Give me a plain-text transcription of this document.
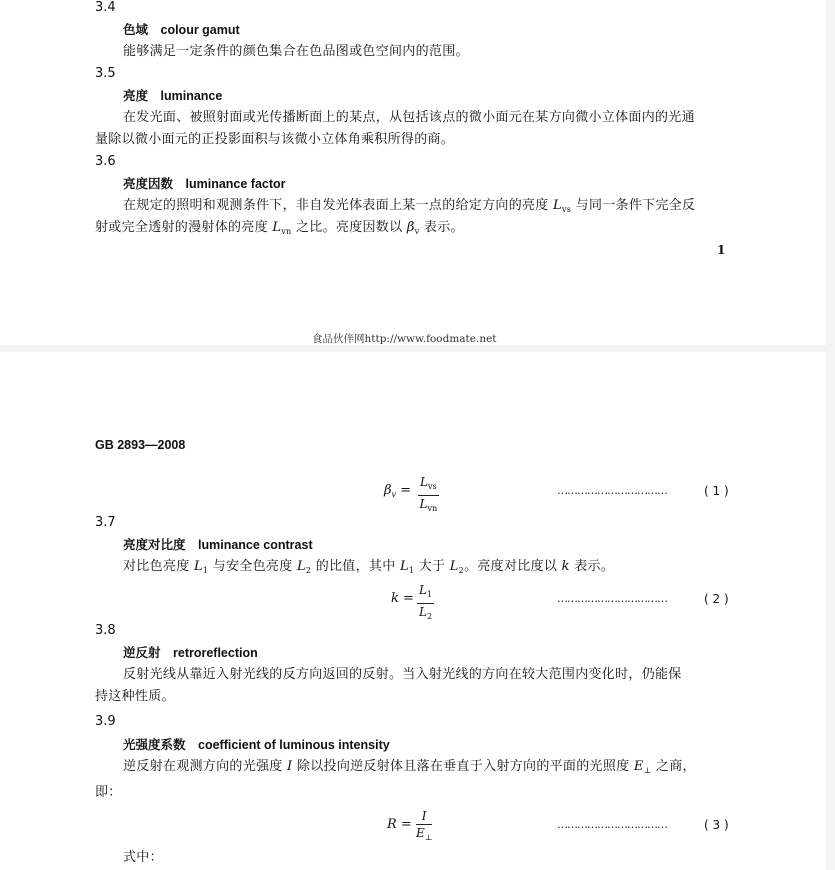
3.4
色域　colour gamut
能够满足一定条件的颜色集合在色品图或色空间内的范围。
3.5
亮度　luminance
在发光面、被照射面或光传播断面上的某点，从包括该点的微小面元在某方向微小立体面内的光通
量除以微小面元的正投影面积与该微小立体角乘积所得的商。
3.6
亮度因数　luminance factor
在规定的照明和观测条件下，非自发光体表面上某一点的给定方向的亮度 $L_{vs}$ 与同一条件下完全反
射或完全透射的漫射体的亮度 $L_{vn}$ 之比。亮度因数以 $\beta_v$ 表示。
1
食品伙伴网http://www.foodmate.net
GB 2893—2008
$\beta_v$ =
$L_{vs}$
$L_{vn}$
……………………………	( 1 )
3.7
亮度对比度　luminance contrast
对比色亮度 $L_1$ 与安全色亮度 $L_2$ 的比值，其中 $L_1$ 大于 $L_2$。亮度对比度以 k 表示。
$k = \frac{L_1}{L_2}$	……………………………	( 2 )
3.8
逆反射　retroreflection
反射光线从靠近入射光线的反方向返回的反射。当入射光线的方向在较大范围内变化时，仍能保
持这种性质。
3.9
光强度系数　coefficient of luminous intensity
逆反射在观测方向的光强度 I 除以投向逆反射体且落在垂直于入射方向的平面的光照度 $E_\perp$ 之商，
即：
$R = \frac{I}{E_\perp}$	……………………………	( 3 )
式中：
